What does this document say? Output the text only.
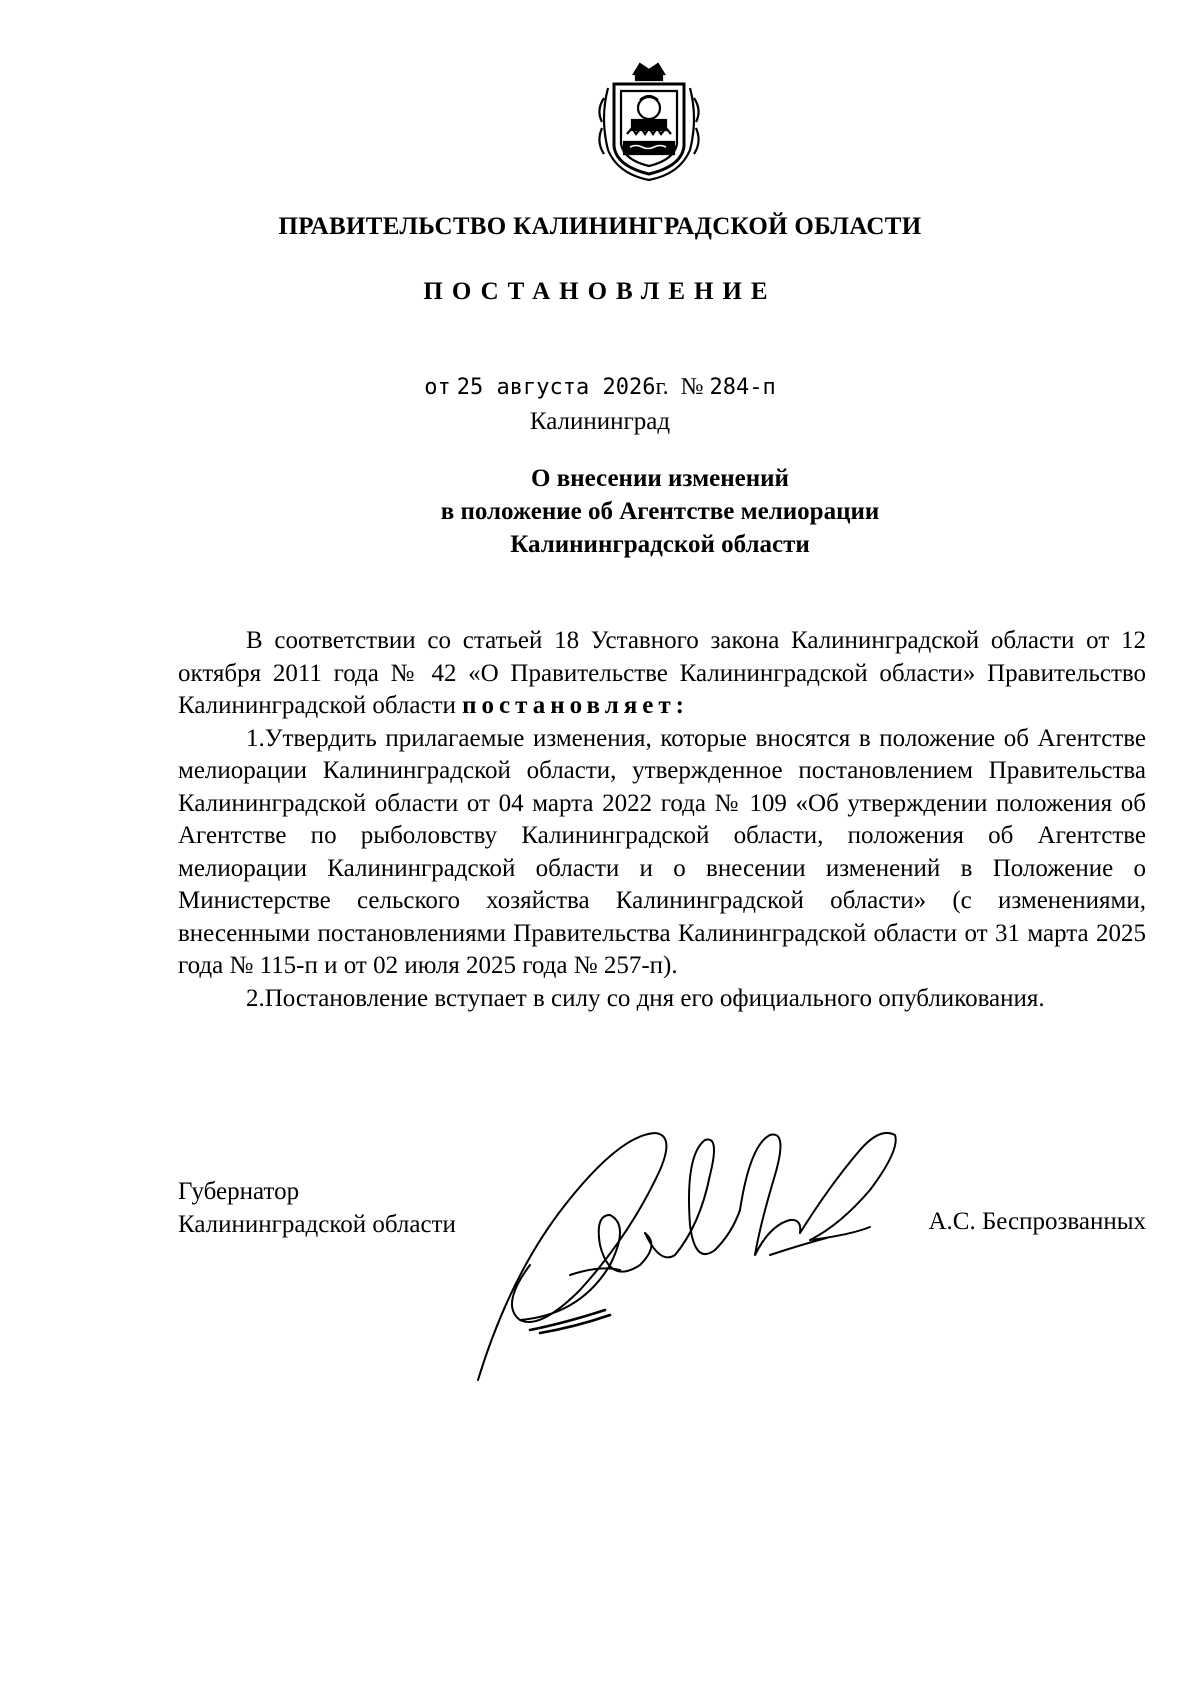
ПРАВИТЕЛЬСТВО КАЛИНИНГРАДСКОЙ ОБЛАСТИ
ПОСТАНОВЛЕНИЕ
от 25 августа 2026г. № 284-п
Калининград
О внесении изменений
в положение об Агентстве мелиорации
Калининградской области

В соответствии со статьей 18 Уставного закона Калининградской области от 12 октября 2011 года № 42 «О Правительстве Калининградской области» Правительство Калининградской области постановляет:

1.Утвердить прилагаемые изменения, которые вносятся в положение об Агентстве мелиорации Калининградской области, утвержденное постановлением Правительства Калининградской области от 04 марта 2022 года № 109 «Об утверждении положения об Агентстве по рыболовству Калининградской области, положения об Агентстве мелиорации Калининградской области и о внесении изменений в Положение о Министерстве сельского хозяйства Калининградской области» (с изменениями, внесенными постановлениями Правительства Калининградской области от 31 марта 2025 года № 115-п и от 02 июля 2025 года № 257-п).

2.Постановление вступает в силу со дня его официального опубликования.

Губернатор
Калининградской области	А.С. Беспрозванных
